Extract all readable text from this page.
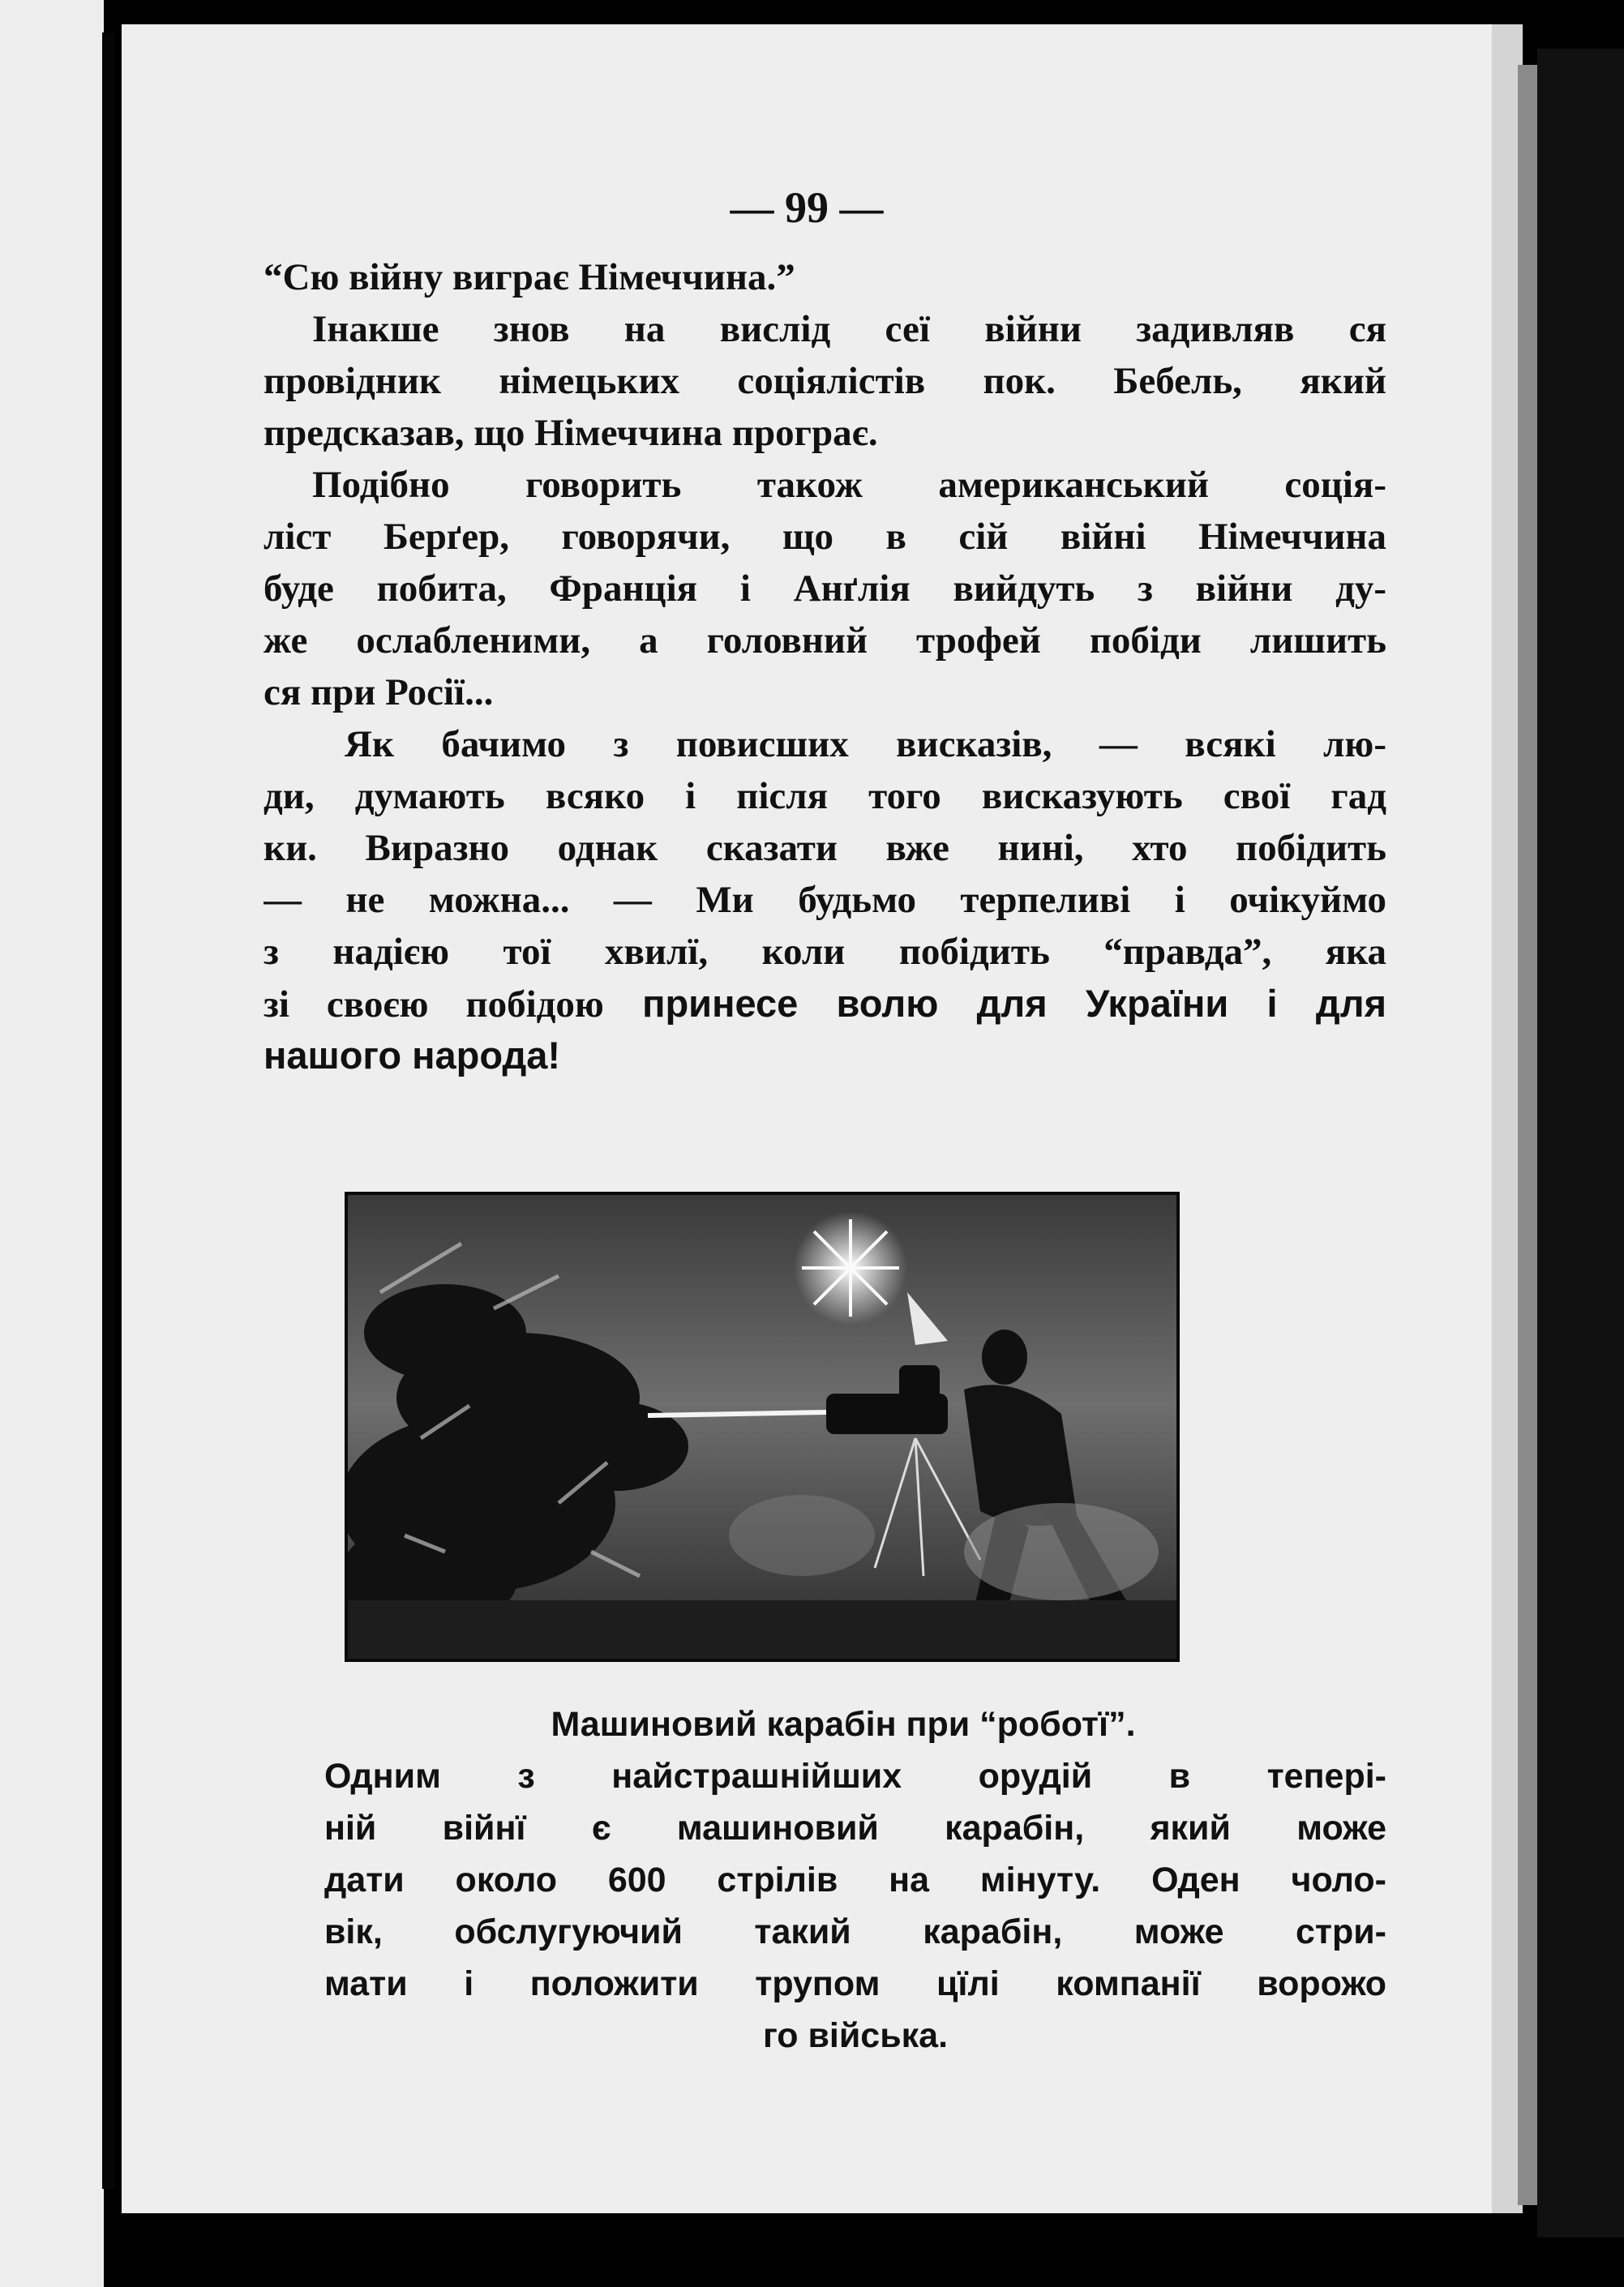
— 99 —
“Сю війну виграє Німеччина.”
Інакше знов на вислід сеї війни задивляв ся
провідник німецьких соціялістів пок. Бебель, який
предсказав, що Німеччина програє.
Подібно говорить також американський соція-
ліст Берґер, говорячи, що в сій війні Німеччина
буде побита, Франція і Анґлія вийдуть з війни ду-
же ослабленими, а головний трофей побіди лишить
ся при Росії...
Як бачимо з повисших висказів, — всякі лю-
ди, думають всяко і після того висказують свої гад
ки. Виразно однак сказати вже нині, хто побідить
— не можна... — Ми будьмо терпеливі і очікуймо
з надією тої хвилї, коли побідить “правда”, яка
зі своєю побідою принесе волю для України і для
нашого народа!
Машиновий карабін при “роботї”.
Одним з найстрашнійших орудій в тепері-
ній війнї є машиновий карабін, який може
дати около 600 стрілів на мінуту. Оден чоло-
вік, обслугуючий такий карабін, може стри-
мати і положити трупом цїлі компанії ворожо
го війська.
